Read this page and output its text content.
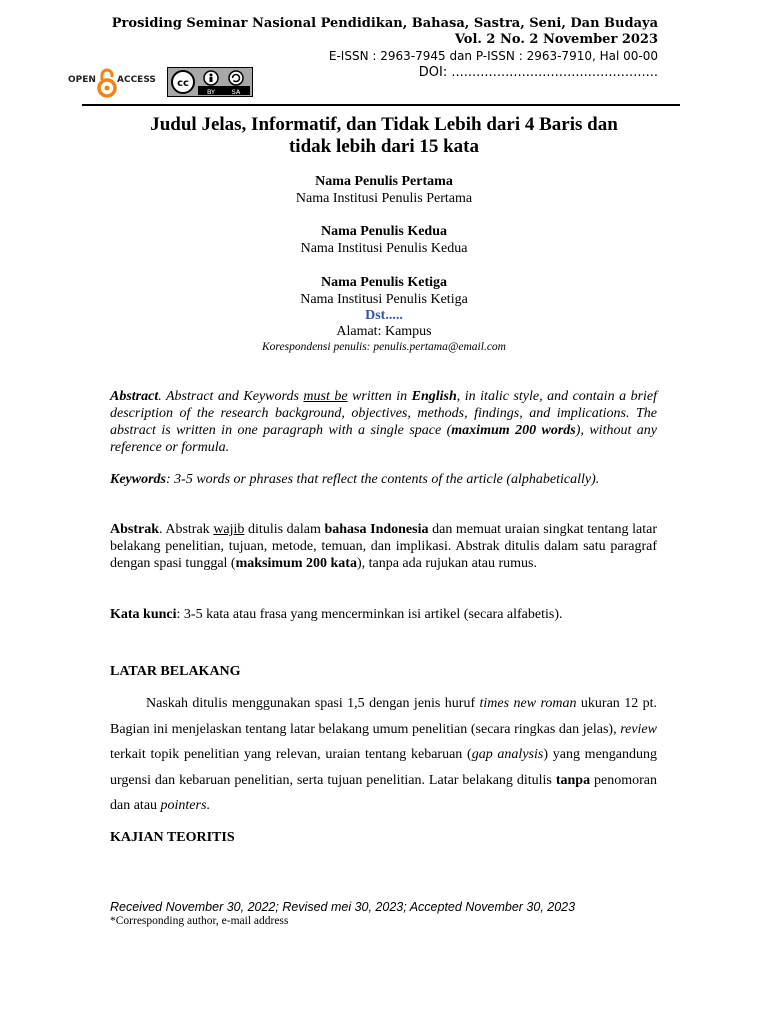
Prosiding Seminar Nasional Pendidikan, Bahasa, Sastra, Seni, Dan Budaya
Vol. 2 No. 2 November 2023
E-ISSN : 2963-7945 dan P-ISSN : 2963-7910, Hal 00-00
DOI: ..................................................
OPEN ACCESS cc
BY	SA
Judul Jelas, Informatif, dan Tidak Lebih dari 4 Baris dan
tidak lebih dari 15 kata
Nama Penulis Pertama
Nama Institusi Penulis Pertama
Nama Penulis Kedua
Nama Institusi Penulis Kedua
Nama Penulis Ketiga
Nama Institusi Penulis Ketiga
Dst.....
Alamat: Kampus
Korespondensi penulis: penulis.pertama@email.com
Abstract. Abstract and Keywords must be written in English, in italic style, and contain a brief description of the research background, objectives, methods, findings, and implications. The abstract is written in one paragraph with a single space (maximum 200 words), without any reference or formula.
Keywords: 3-5 words or phrases that reflect the contents of the article (alphabetically).
Abstrak. Abstrak wajib ditulis dalam bahasa Indonesia dan memuat uraian singkat tentang latar belakang penelitian, tujuan, metode, temuan, dan implikasi. Abstrak ditulis dalam satu paragraf dengan spasi tunggal (maksimum 200 kata), tanpa ada rujukan atau rumus.
Kata kunci: 3-5 kata atau frasa yang mencerminkan isi artikel (secara alfabetis).
LATAR BELAKANG
Naskah ditulis menggunakan spasi 1,5 dengan jenis huruf times new roman ukuran 12 pt. Bagian ini menjelaskan tentang latar belakang umum penelitian (secara ringkas dan jelas), review terkait topik penelitian yang relevan, uraian tentang kebaruan (gap analysis) yang mengandung urgensi dan kebaruan penelitian, serta tujuan penelitian. Latar belakang ditulis tanpa penomoran dan atau pointers.
KAJIAN TEORITIS
Received November 30, 2022; Revised mei 30, 2023; Accepted November 30, 2023
*Corresponding author, e-mail address
